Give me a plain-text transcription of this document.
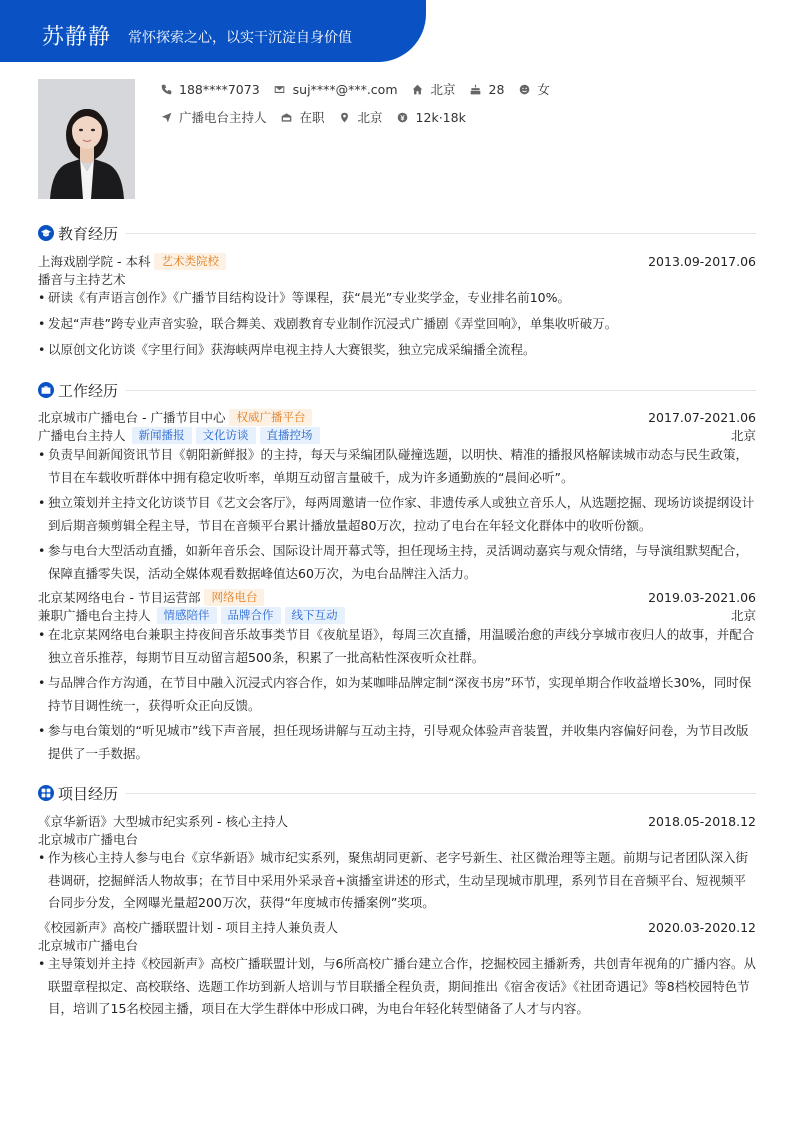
苏静静 常怀探索之心，以实干沉淀自身价值
188****7073	suj****@***.com	北京	28	女
广播电台主持人	在职	北京	12k·18k
教育经历
上海戏剧学院 - 本科 艺术类院校	2013.09-2017.06
播音与主持艺术
• 研读《有声语言创作》《广播节目结构设计》等课程，获“晨光”专业奖学金，专业排名前10%。
• 发起“声巷”跨专业声音实验，联合舞美、戏剧教育专业制作沉浸式广播剧《弄堂回响》，单集收听破万。
• 以原创文化访谈《字里行间》获海峡两岸电视主持人大赛银奖，独立完成采编播全流程。
工作经历
北京城市广播电台 - 广播节目中心 权威广播平台	2017.07-2021.06
广播电台主持人	新闻播报	文化访谈	直播控场	北京
• 负责早间新闻资讯节目《朝阳新鲜报》的主持，每天与采编团队碰撞选题，以明快、精准的播报风格解读城市动态与民生政策，节目在车载收听群体中拥有稳定收听率，单期互动留言量破千，成为许多通勤族的“晨间必听”。
• 独立策划并主持文化访谈节目《艺文会客厅》，每两周邀请一位作家、非遗传承人或独立音乐人，从选题挖掘、现场访谈提纲设计到后期音频剪辑全程主导，节目在音频平台累计播放量超80万次，拉动了电台在年轻文化群体中的收听份额。
• 参与电台大型活动直播，如新年音乐会、国际设计周开幕式等，担任现场主持，灵活调动嘉宾与观众情绪，与导演组默契配合，保障直播零失误，活动全媒体观看数据峰值达60万次，为电台品牌注入活力。
北京某网络电台 - 节目运营部 网络电台	2019.03-2021.06
兼职广播电台主持人	情感陪伴	品牌合作	线下互动	北京
• 在北京某网络电台兼职主持夜间音乐故事类节目《夜航星语》，每周三次直播，用温暖治愈的声线分享城市夜归人的故事，并配合独立音乐推荐，每期节目互动留言超500条，积累了一批高粘性深夜听众社群。
• 与品牌合作方沟通，在节目中融入沉浸式内容合作，如为某咖啡品牌定制“深夜书房”环节，实现单期合作收益增长30%，同时保持节目调性统一，获得听众正向反馈。
• 参与电台策划的“听见城市”线下声音展，担任现场讲解与互动主持，引导观众体验声音装置，并收集内容偏好问卷，为节目改版提供了一手数据。
项目经历
《京华新语》大型城市纪实系列 - 核心主持人	2018.05-2018.12
北京城市广播电台
• 作为核心主持人参与电台《京华新语》城市纪实系列，聚焦胡同更新、老字号新生、社区微治理等主题。前期与记者团队深入街巷调研，挖掘鲜活人物故事；在节目中采用外采录音+演播室讲述的形式，生动呈现城市肌理，系列节目在音频平台、短视频平台同步分发，全网曝光量超200万次，获得“年度城市传播案例”奖项。
《校园新声》高校广播联盟计划 - 项目主持人兼负责人	2020.03-2020.12
北京城市广播电台
• 主导策划并主持《校园新声》高校广播联盟计划，与6所高校广播台建立合作，挖掘校园主播新秀，共创青年视角的广播内容。从联盟章程拟定、高校联络、选题工作坊到新人培训与节目联播全程负责，期间推出《宿舍夜话》《社团奇遇记》等8档校园特色节目，培训了15名校园主播，项目在大学生群体中形成口碑，为电台年轻化转型储备了人才与内容。
